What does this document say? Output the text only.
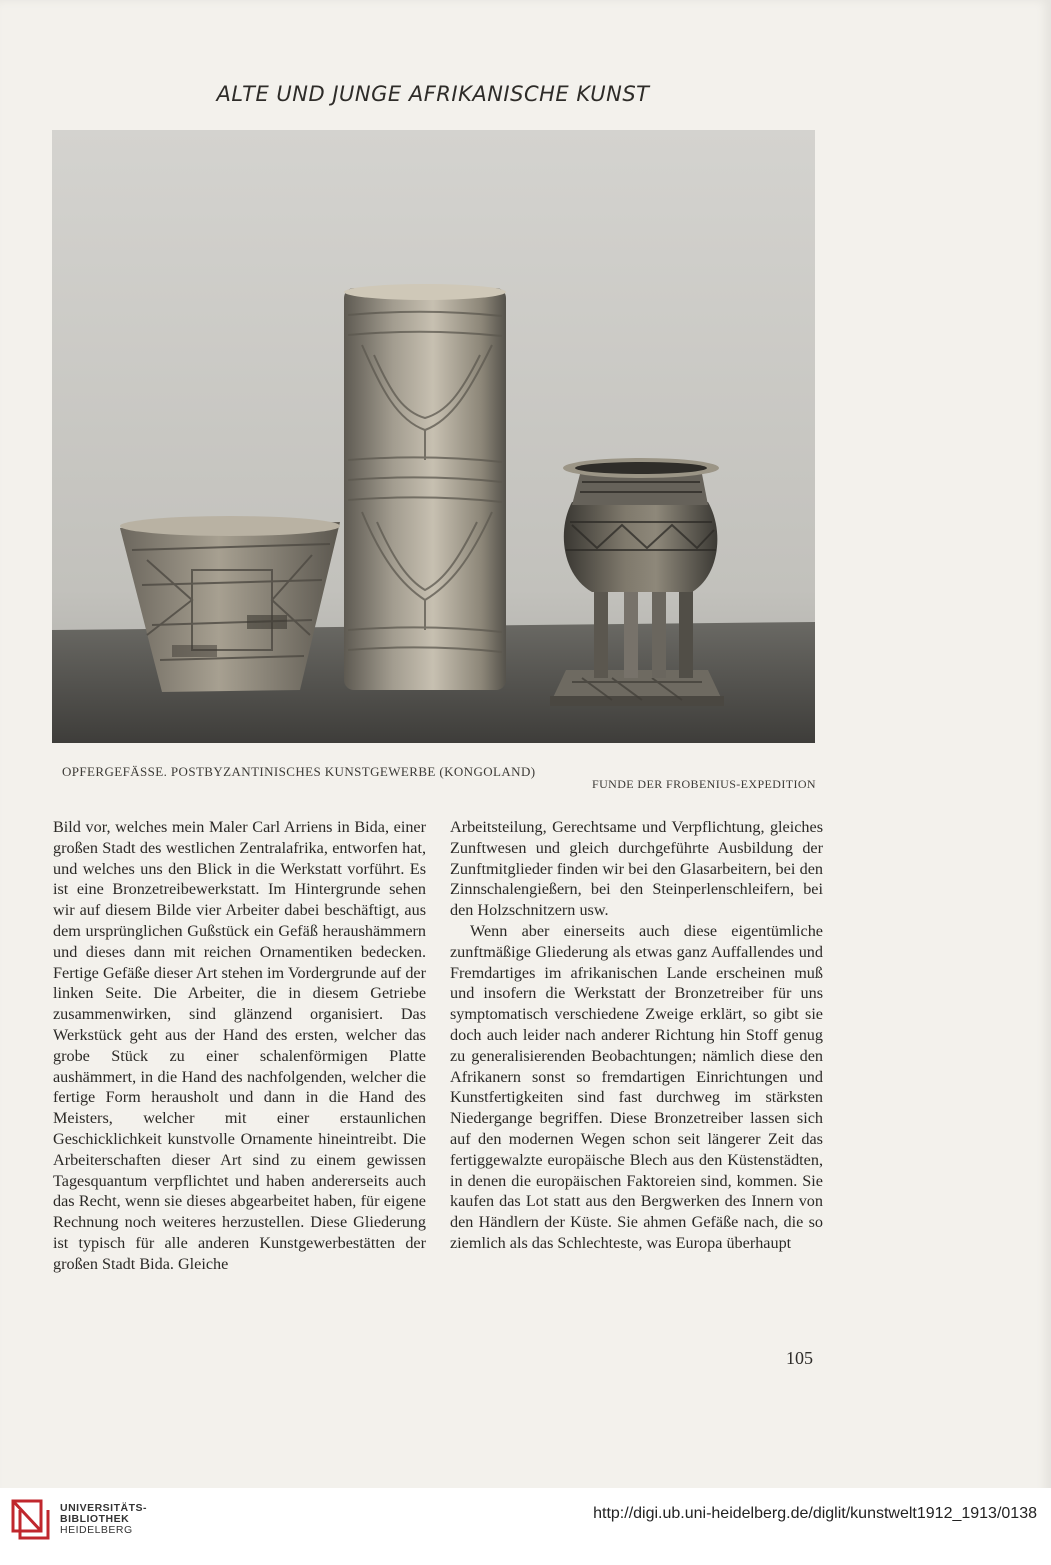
ALTE UND JUNGE AFRIKANISCHE KUNST
OPFERGEFÄSSE. POSTBYZANTINISCHES KUNSTGEWERBE (KONGOLAND)
FUNDE DER FROBENIUS-EXPEDITION

Bild vor, welches mein Maler Carl Arriens in Bida, einer großen Stadt des westlichen Zentralafrika, entworfen hat, und welches uns den Blick in die Werkstatt vorführt. Es ist eine Bronzetreibewerkstatt. Im Hintergrunde sehen wir auf diesem Bilde vier Arbeiter dabei beschäftigt, aus dem ursprünglichen Gußstück ein Gefäß heraushämmern und dieses dann mit reichen Ornamentiken bedecken. Fertige Gefäße dieser Art stehen im Vordergrunde auf der linken Seite. Die Arbeiter, die in diesem Getriebe zusammenwirken, sind glänzend organisiert. Das Werkstück geht aus der Hand des ersten, welcher das grobe Stück zu einer schalenförmigen Platte aushämmert, in die Hand des nachfolgenden, welcher die fertige Form herausholt und dann in die Hand des Meisters, welcher mit einer erstaunlichen Geschicklichkeit kunstvolle Ornamente hineintreibt. Die Arbeiterschaften dieser Art sind zu einem gewissen Tagesquantum verpflichtet und haben andererseits auch das Recht, wenn sie dieses abgearbeitet haben, für eigene Rechnung noch weiteres herzustellen. Diese Gliederung ist typisch für alle anderen Kunstgewerbestätten der großen Stadt Bida. Gleiche

Arbeitsteilung, Gerechtsame und Verpflichtung, gleiches Zunftwesen und gleich durchgeführte Ausbildung der Zunftmitglieder finden wir bei den Glasarbeitern, bei den Zinnschalengießern, bei den Steinperlenschleifern, bei den Holzschnitzern usw.

Wenn aber einerseits auch diese eigentümliche zunftmäßige Gliederung als etwas ganz Auffallendes und Fremdartiges im afrikanischen Lande erscheinen muß und insofern die Werkstatt der Bronzetreiber für uns symptomatisch verschiedene Zweige erklärt, so gibt sie doch auch leider nach anderer Richtung hin Stoff genug zu generalisierenden Beobachtungen; nämlich diese den Afrikanern sonst so fremdartigen Einrichtungen und Kunstfertigkeiten sind fast durchweg im stärksten Niedergange begriffen. Diese Bronzetreiber lassen sich auf den modernen Wegen schon seit längerer Zeit das fertiggewalzte europäische Blech aus den Küstenstädten, in denen die europäischen Faktoreien sind, kommen. Sie kaufen das Lot statt aus den Bergwerken des Innern von den Händlern der Küste. Sie ahmen Gefäße nach, die so ziemlich als das Schlechteste, was Europa überhaupt

105
UNIVERSITÄTS-
BIBLIOTHEK
HEIDELBERG
http://digi.ub.uni-heidelberg.de/diglit/kunstwelt1912_1913/0138
